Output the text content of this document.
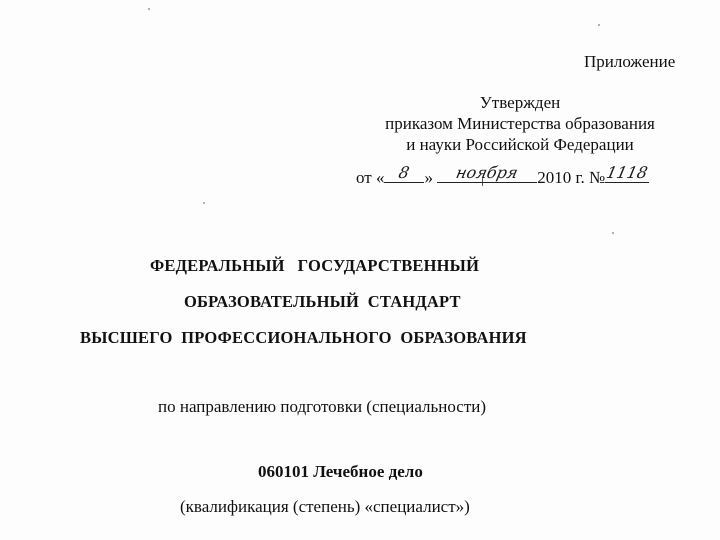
Приложение
Утвержден
приказом Министерства образования
и науки Российской Федерации
от « 8 »	ноября	2010 г. № 1118
ФЕДЕРАЛЬНЫЙ   ГОСУДАРСТВЕННЫЙ
ОБРАЗОВАТЕЛЬНЫЙ  СТАНДАРТ
ВЫСШЕГО  ПРОФЕССИОНАЛЬНОГО  ОБРАЗОВАНИЯ
по направлению подготовки (специальности)
060101 Лечебное дело
(квалификация (степень) «специалист»)
